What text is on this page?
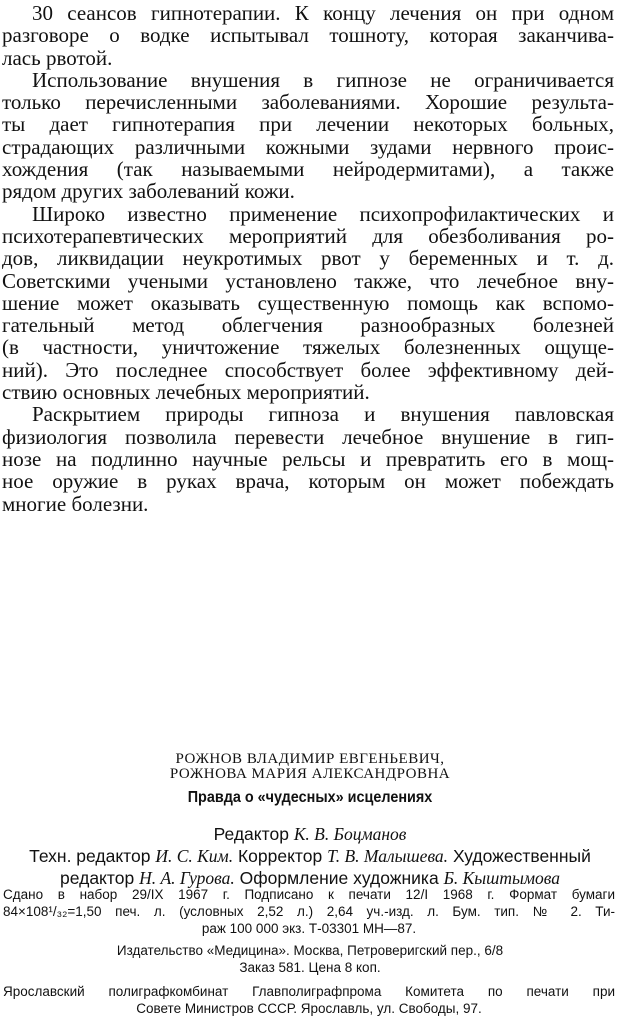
30 сеансов гипнотерапии. К концу лечения он при одном
разговоре о водке испытывал тошноту, которая заканчива-
лась рвотой.
Использование внушения в гипнозе не ограничивается
только перечисленными заболеваниями. Хорошие результа-
ты дает гипнотерапия при лечении некоторых больных,
страдающих различными кожными зудами нервного проис-
хождения (так называемыми нейродермитами), а также
рядом других заболеваний кожи.
Широко известно применение психопрофилактических и
психотерапевтических мероприятий для обезболивания ро-
дов, ликвидации неукротимых рвот у беременных и т. д.
Советскими учеными установлено также, что лечебное вну-
шение может оказывать существенную помощь как вспомо-
гательный метод облегчения разнообразных болезней
(в частности, уничтожение тяжелых болезненных ощуще-
ний). Это последнее способствует более эффективному дей-
ствию основных лечебных мероприятий.
Раскрытием природы гипноза и внушения павловская
физиология позволила перевести лечебное внушение в гип-
нозе на подлинно научные рельсы и превратить его в мощ-
ное оружие в руках врача, которым он может побеждать
многие болезни.
РОЖНОВ ВЛАДИМИР ЕВГЕНЬЕВИЧ,
РОЖНОВА МАРИЯ АЛЕКСАНДРОВНА
Правда о «чудесных» исцелениях
Редактор К. В. Боцманов
Техн. редактор И. С. Ким. Корректор Т. В. Малышева. Художественный редактор Н. А. Гурова. Оформление художника Б. Кыштымова
Сдано в набор 29/IX 1967 г. Подписано к печати 12/I 1968 г. Формат бумаги
84×108¹/₃₂=1,50 печ. л. (условных 2,52 л.) 2,64 уч.-изд. л. Бум. тип. № 2. Ти-
раж 100 000 экз. Т-03301 МН—87.
Издательство «Медицина». Москва, Петроверигский пер., 6/8
Заказ 581. Цена 8 коп.
Ярославский полиграфкомбинат Главполиграфпрома Комитета по печати при
Совете Министров СССР. Ярославль, ул. Свободы, 97.
